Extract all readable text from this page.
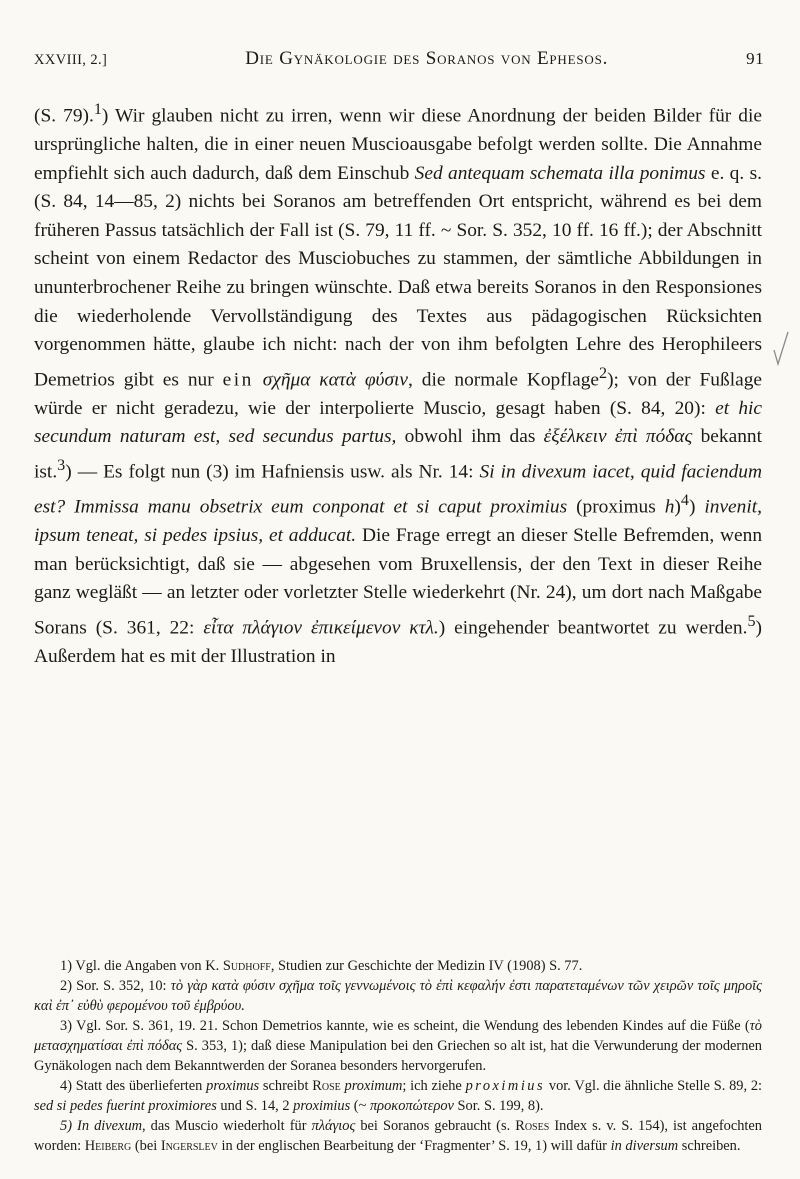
XXVIII, 2.]	Die Gynäkologie des Soranos von Ephesos.	91

(S. 79).$^1$) Wir glauben nicht zu irren, wenn wir diese Anordnung der beiden Bilder für die ursprüngliche halten, die in einer neuen Muscioausgabe befolgt werden sollte. Die Annahme empfiehlt sich auch dadurch, daß dem Einschub Sed antequam schemata illa ponimus e. q. s. (S. 84, 14—85, 2) nichts bei Soranos am betreffenden Ort entspricht, während es bei dem früheren Passus tatsächlich der Fall ist (S. 79, 11 ff. ~ Sor. S. 352, 10 ff. 16 ff.); der Abschnitt scheint von einem Redactor des Musciobuches zu stammen, der sämtliche Abbildungen in ununterbrochener Reihe zu bringen wünschte. Daß etwa bereits Soranos in den Responsiones die wiederholende Vervollständigung des Textes aus pädagogischen Rücksichten vorgenommen hätte, glaube ich nicht: nach der von ihm befolgten Lehre des Herophileers Demetrios gibt es nur ein σχῆμα κατὰ φύσιν, die normale Kopflage$^2$); von der Fußlage würde er nicht geradezu, wie der interpolierte Muscio, gesagt haben (S. 84, 20): et hic secundum naturam est, sed secundus partus, obwohl ihm das ἐξέλκειν ἐπὶ πόδας bekannt ist.$^3$) — Es folgt nun (3) im Hafniensis usw. als Nr. 14: Si in divexum iacet, quid faciendum est? Immissa manu obsetrix eum conponat et si caput proximius (proximus h)$^4$) invenit, ipsum teneat, si pedes ipsius, et adducat. Die Frage erregt an dieser Stelle Befremden, wenn man berücksichtigt, daß sie — abgesehen vom Bruxellensis, der den Text in dieser Reihe ganz wegläßt — an letzter oder vorletzter Stelle wiederkehrt (Nr. 24), um dort nach Maßgabe Sorans (S. 361, 22: εἶτα πλάγιον ἐπικείμενον κτλ.) eingehender beantwortet zu werden.$^5$) Außerdem hat es mit der Illustration in

1) Vgl. die Angaben von K. Sudhoff, Studien zur Geschichte der Medizin IV (1908) S. 77.

2) Sor. S. 352, 10: τὸ γὰρ κατὰ φύσιν σχῆμα τοῖς γεννωμένοις τὸ ἐπὶ κεφαλήν ἐστι παρατεταμένων τῶν χειρῶν τοῖς μηροῖς καὶ ἐπ᾽ εὐθὺ φερομένου τοῦ ἐμβρύου.

3) Vgl. Sor. S. 361, 19. 21. Schon Demetrios kannte, wie es scheint, die Wendung des lebenden Kindes auf die Füße (τὸ μετασχηματίσαι ἐπὶ πόδας S. 353, 1); daß diese Manipulation bei den Griechen so alt ist, hat die Verwunderung der modernen Gynäkologen nach dem Bekanntwerden der Soranea besonders hervorgerufen.

4) Statt des überlieferten proximus schreibt Rose proximum; ich ziehe proximius vor. Vgl. die ähnliche Stelle S. 89, 2: sed si pedes fuerint proximiores und S. 14, 2 proximius (~ προκοπώτερον Sor. S. 199, 8).

5) In divexum, das Muscio wiederholt für πλάγιος bei Soranos gebraucht (s. Roses Index s. v. S. 154), ist angefochten worden: Heiberg (bei Ingerslev in der englischen Bearbeitung der ‘Fragmenter’ S. 19, 1) will dafür in diversum schreiben.
